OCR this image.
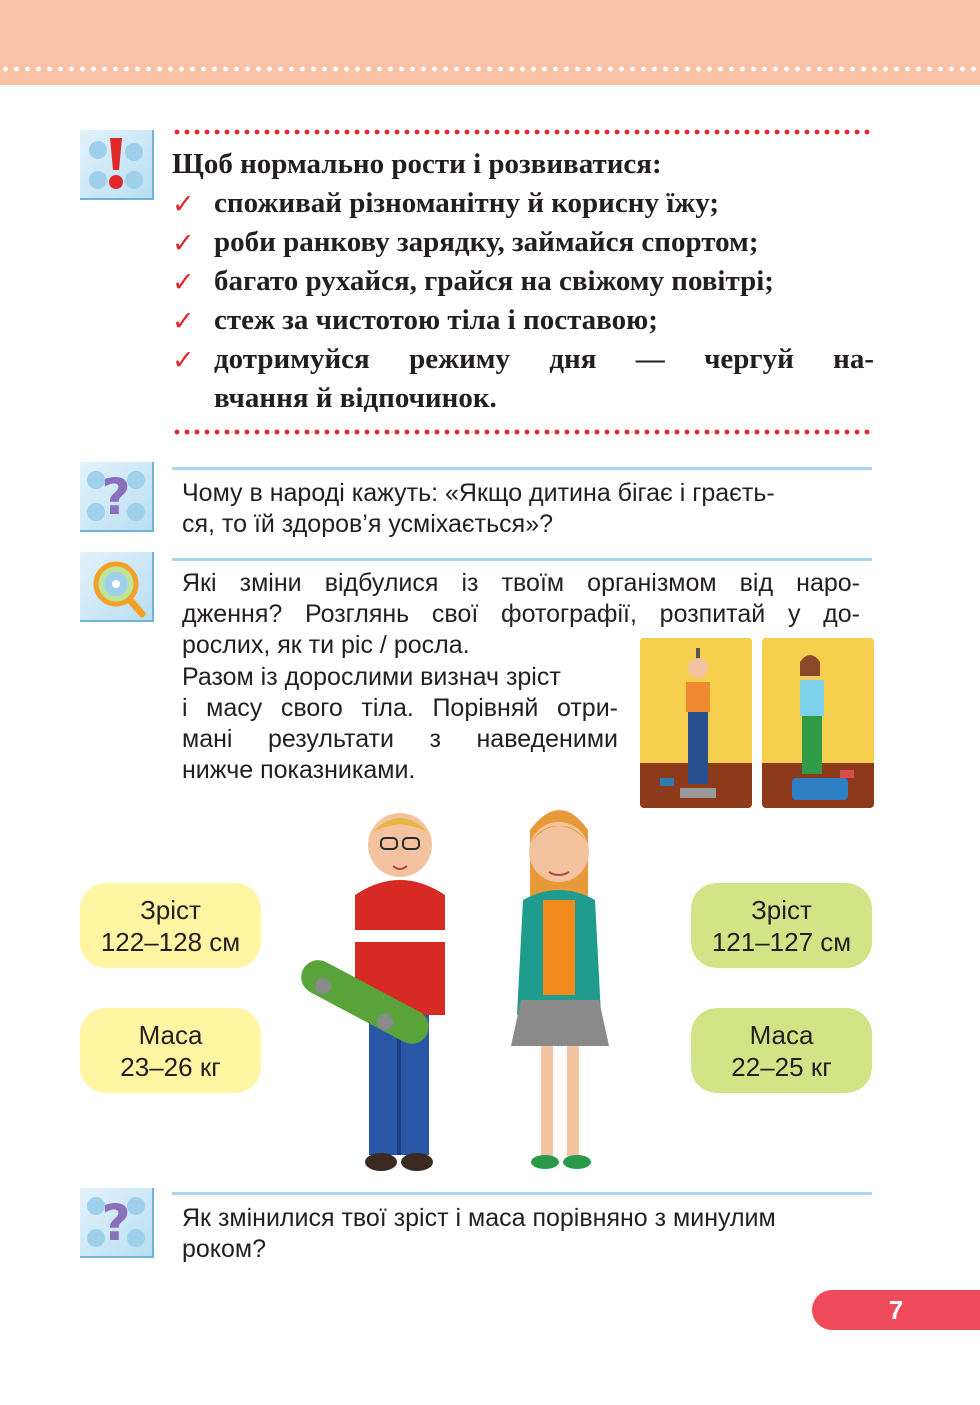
Щоб нормально рости і розвиватися:
✓ споживай різноманітну й корисну їжу;
✓ роби ранкову зарядку, займайся спортом;
✓ багато рухайся, грайся на свіжому повітрі;
✓ стеж за чистотою тіла і поставою;
✓ дотримуйся режиму дня — чергуй на-
вчання й відпочинок.
? Чому в народі кажуть: «Якщо дитина бігає і граєть-
ся, то їй здоров’я усміхається»?
Які зміни відбулися із твоїм організмом від наро-
дження? Розглянь свої фотографії, розпитай у до-
рослих, як ти ріс / росла.
Разом із дорослими визнач зріст
і масу свого тіла. Порівняй отри-
мані результати з наведеними
нижче показниками.
Зріст
122–128 см
Маса
23–26 кг
Зріст
121–127 см
Маса
22–25 кг
? Як змінилися твої зріст і маса порівняно з минулим
роком?
7
